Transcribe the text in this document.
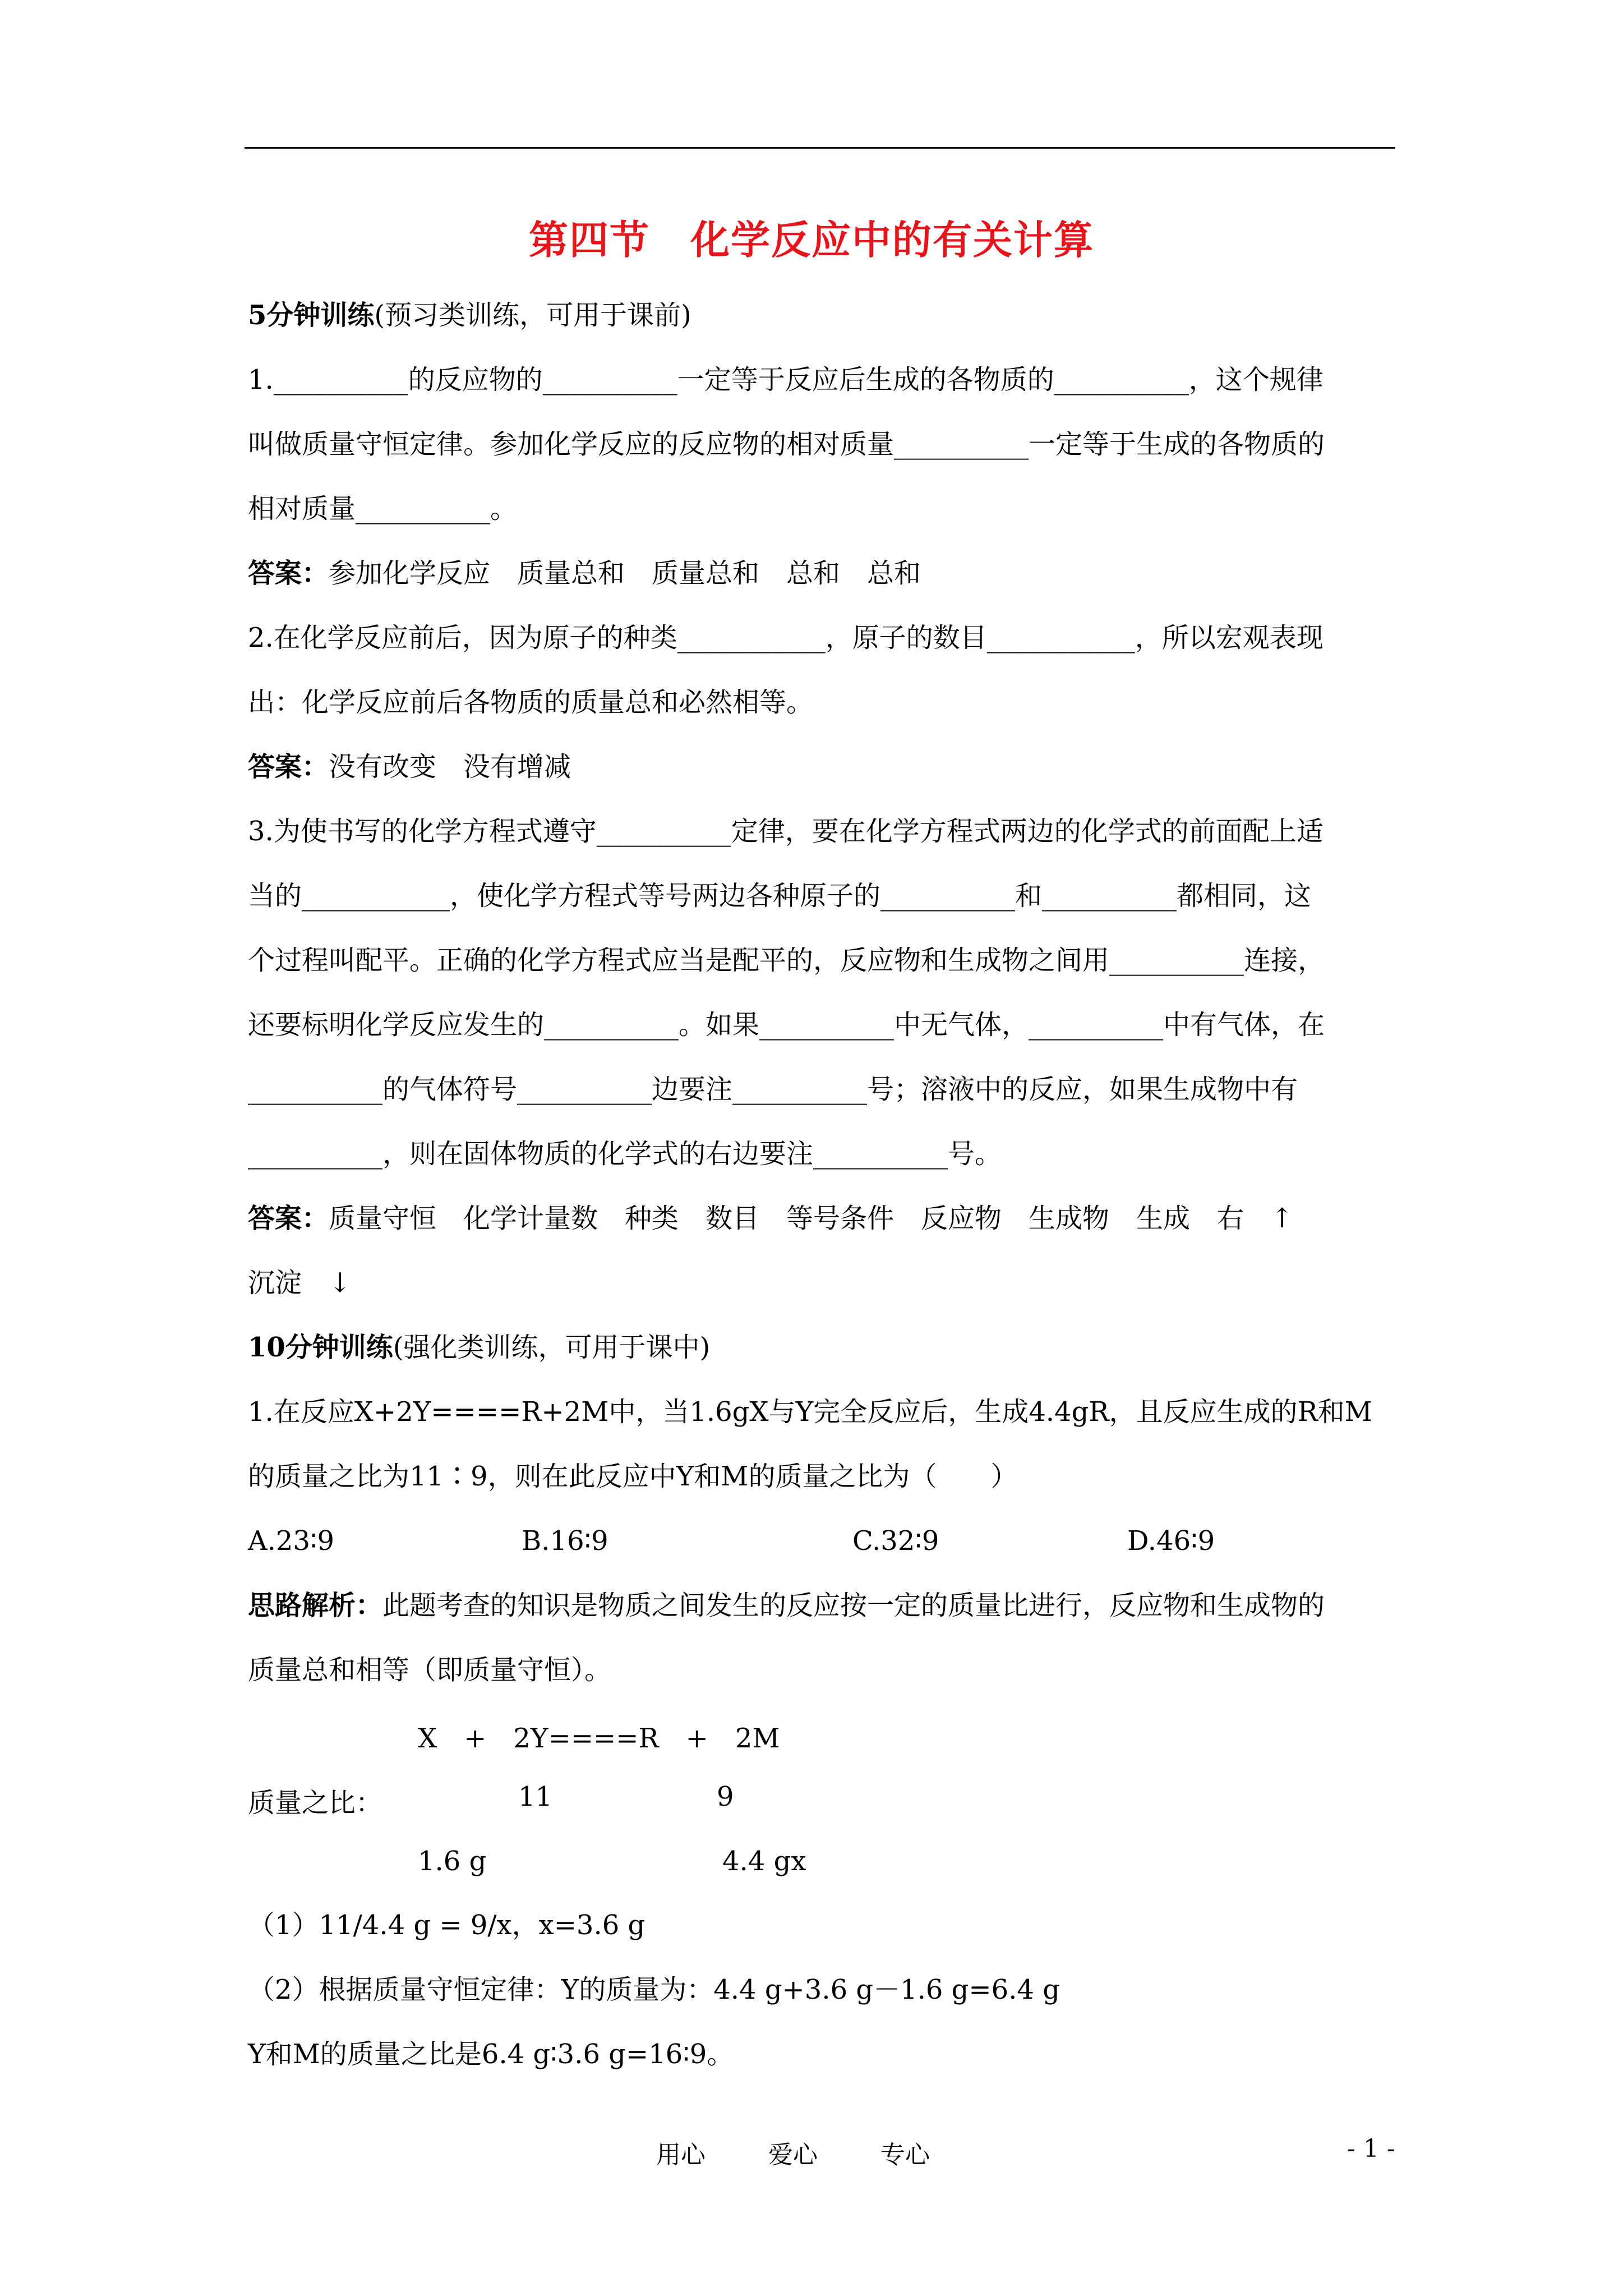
第四节　化学反应中的有关计算
5分钟训练(预习类训练，可用于课前)
1.__________的反应物的__________一定等于反应后生成的各物质的__________，这个规律
叫做质量守恒定律。参加化学反应的反应物的相对质量__________一定等于生成的各物质的
相对质量__________。
答案：参加化学反应　质量总和　质量总和　总和　总和
2.在化学反应前后，因为原子的种类___________，原子的数目___________，所以宏观表现
出：化学反应前后各物质的质量总和必然相等。
答案：没有改变　没有增减
3.为使书写的化学方程式遵守__________定律，要在化学方程式两边的化学式的前面配上适
当的___________，使化学方程式等号两边各种原子的__________和__________都相同，这
个过程叫配平。正确的化学方程式应当是配平的，反应物和生成物之间用__________连接，
还要标明化学反应发生的__________。如果__________中无气体，__________中有气体，在
__________的气体符号__________边要注__________号；溶液中的反应，如果生成物中有
__________，则在固体物质的化学式的右边要注__________号。
答案：质量守恒　化学计量数　种类　数目　等号条件　反应物　生成物　生成　右　↑
沉淀　↓
10分钟训练(强化类训练，可用于课中)
1.在反应X+2Y====R+2M中，当1.6gX与Y完全反应后，生成4.4gR，且反应生成的R和M
的质量之比为11∶9，则在此反应中Y和M的质量之比为（　　）
A.23∶9	B.16∶9	C.32∶9	D.46∶9
思路解析：此题考查的知识是物质之间发生的反应按一定的质量比进行，反应物和生成物的
质量总和相等（即质量守恒）。
X　+　2Y====R　+　2M
质量之比：	11	9
1.6 g	4.4 gx
（1）11/4.4 g = 9/x，x=3.6 g
（2）根据质量守恒定律：Y的质量为：4.4 g+3.6 g－1.6 g=6.4 g
Y和M的质量之比是6.4 g∶3.6 g=16∶9。
用心	爱心	专心	- 1 -
